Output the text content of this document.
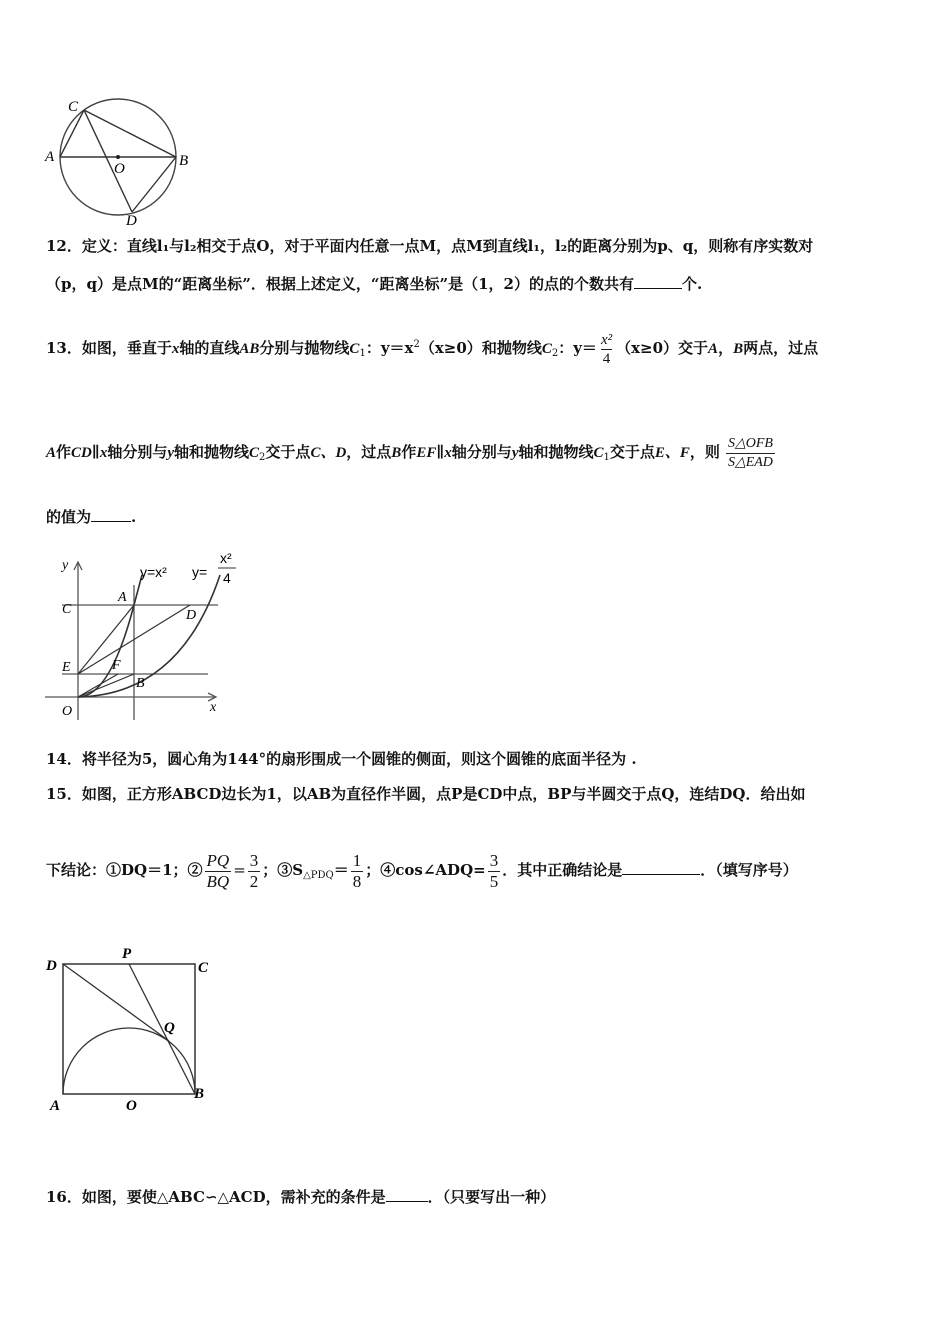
C
A
O	B
D
12．定义：直线l₁与l₂相交于点O，对于平面内任意一点M，点M到直线l₁，l₂的距离分别为p、q，则称有序实数对
（p，q）是点M的“距离坐标”．根据上述定义，“距离坐标”是（1，2）的点的个数共有	个.
13．如图，垂直于x轴的直线AB分别与抛物线$C_1$：$y=x^2(x\ge 0)$和抛物线$C_2$：$y= \frac{\text{x²}}{4} (x\ge 0)$交于A，B两点，过点
A作CD∥x轴分别与y轴和抛物线$C_2$交于点C、D，过点B作EF∥x轴分别与y轴和抛物线$C_1$交于点E、F，则 $\frac{\text{S△OFB}}{\text{S△EAD}}$
的值为	.
y
x
O
y=x² y=
x²
4
A
C	D
E	F
B
14．将半径为5，圆心角为144°的扇形围成一个圆锥的侧面，则这个圆锥的底面半径为 .
15．如图，正方形ABCD边长为1，以AB为直径作半圆，点P是CD中点，BP与半圆交于点Q，连结DQ．给出如
下结论：①DQ＝1；② $\frac{PQ}{BQ} = \frac{3}{2}$ ；$③S_{\triangle PDQ}= \frac{1}{8}$ ；④cos∠ADQ= $\frac{3}{5}$ ．其中正确结论是	．（填写序号）
D
P
C
Q
A	O
B
16．如图，要使△ABC∽△ACD，需补充的条件是	．（只要写出一种）
